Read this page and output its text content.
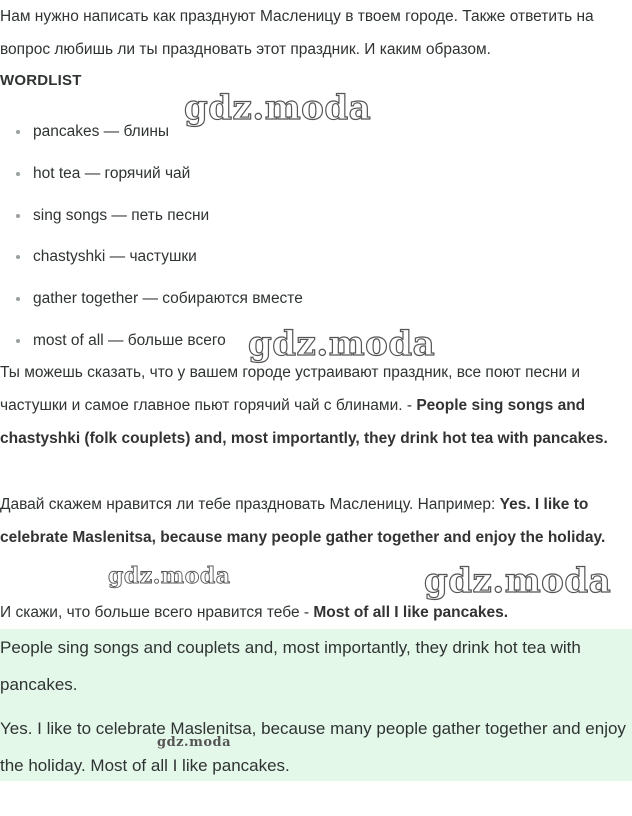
Нам нужно написать как празднуют Масленицу в твоем городе. Также ответить на вопрос любишь ли ты праздновать этот праздник. И каким образом.

WORDLIST
pancakes — блины
hot tea — горячий чай
sing songs — петь песни
chastyshki — частушки
gather together — собираются вместе
most of all — больше всего

Ты можешь сказать, что у вашем городе устраивают праздник, все поют песни и частушки и самое главное пьют горячий чай с блинами. - People sing songs and chastyshki (folk couplets) and, most importantly, they drink hot tea with pancakes.

Давай скажем нравится ли тебе праздновать Масленицу. Например: Yes. I like to celebrate Maslenitsa, because many people gather together and enjoy the holiday.

И скажи, что больше всего нравится тебе - Most of all I like pancakes.

People sing songs and couplets and, most importantly, they drink hot tea with pancakes.

Yes. I like to celebrate Maslenitsa, because many people gather together and enjoy the holiday. Most of all I like pancakes.

gdz.moda
gdz.moda
gdz.moda	gdz.moda
gdz.moda
